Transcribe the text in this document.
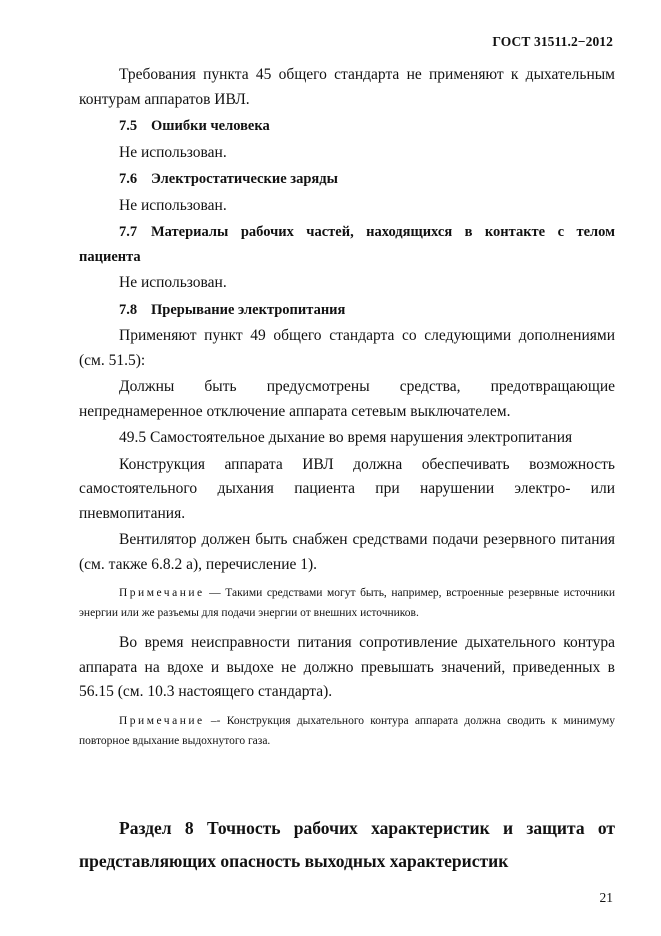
ГОСТ 31511.2−2012

Требования пункта 45 общего стандарта не применяют к дыхательным контурам аппаратов ИВЛ.

7.5 Ошибки человека

Не использован.

7.6 Электростатические заряды

Не использован.

7.7 Материалы рабочих частей, находящихся в контакте с телом пациента

Не использован.

7.8 Прерывание электропитания

Применяют пункт 49 общего стандарта со следующими дополнениями (см. 51.5):

Должны быть предусмотрены средства, предотвращающие непреднамеренное отключение аппарата сетевым выключателем.

49.5 Самостоятельное дыхание во время нарушения электропитания

Конструкция аппарата ИВЛ должна обеспечивать возможность самостоятельного дыхания пациента при нарушении электро- или пневмопитания.

Вентилятор должен быть снабжен средствами подачи резервного питания (см. также 6.8.2 а), перечисление 1).

Примечание — Такими средствами могут быть, например, встроенные резервные источники энергии или же разъемы для подачи энергии от внешних источников.

Во время неисправности питания сопротивление дыхательного контура аппарата на вдохе и выдохе не должно превышать значений, приведенных в 56.15 (см. 10.3 настоящего стандарта).

Примечание –- Конструкция дыхательного контура аппарата должна сводить к минимуму повторное вдыхание выдохнутого газа.

Раздел 8 Точность рабочих характеристик и защита от
представляющих опасность выходных характеристик
21
